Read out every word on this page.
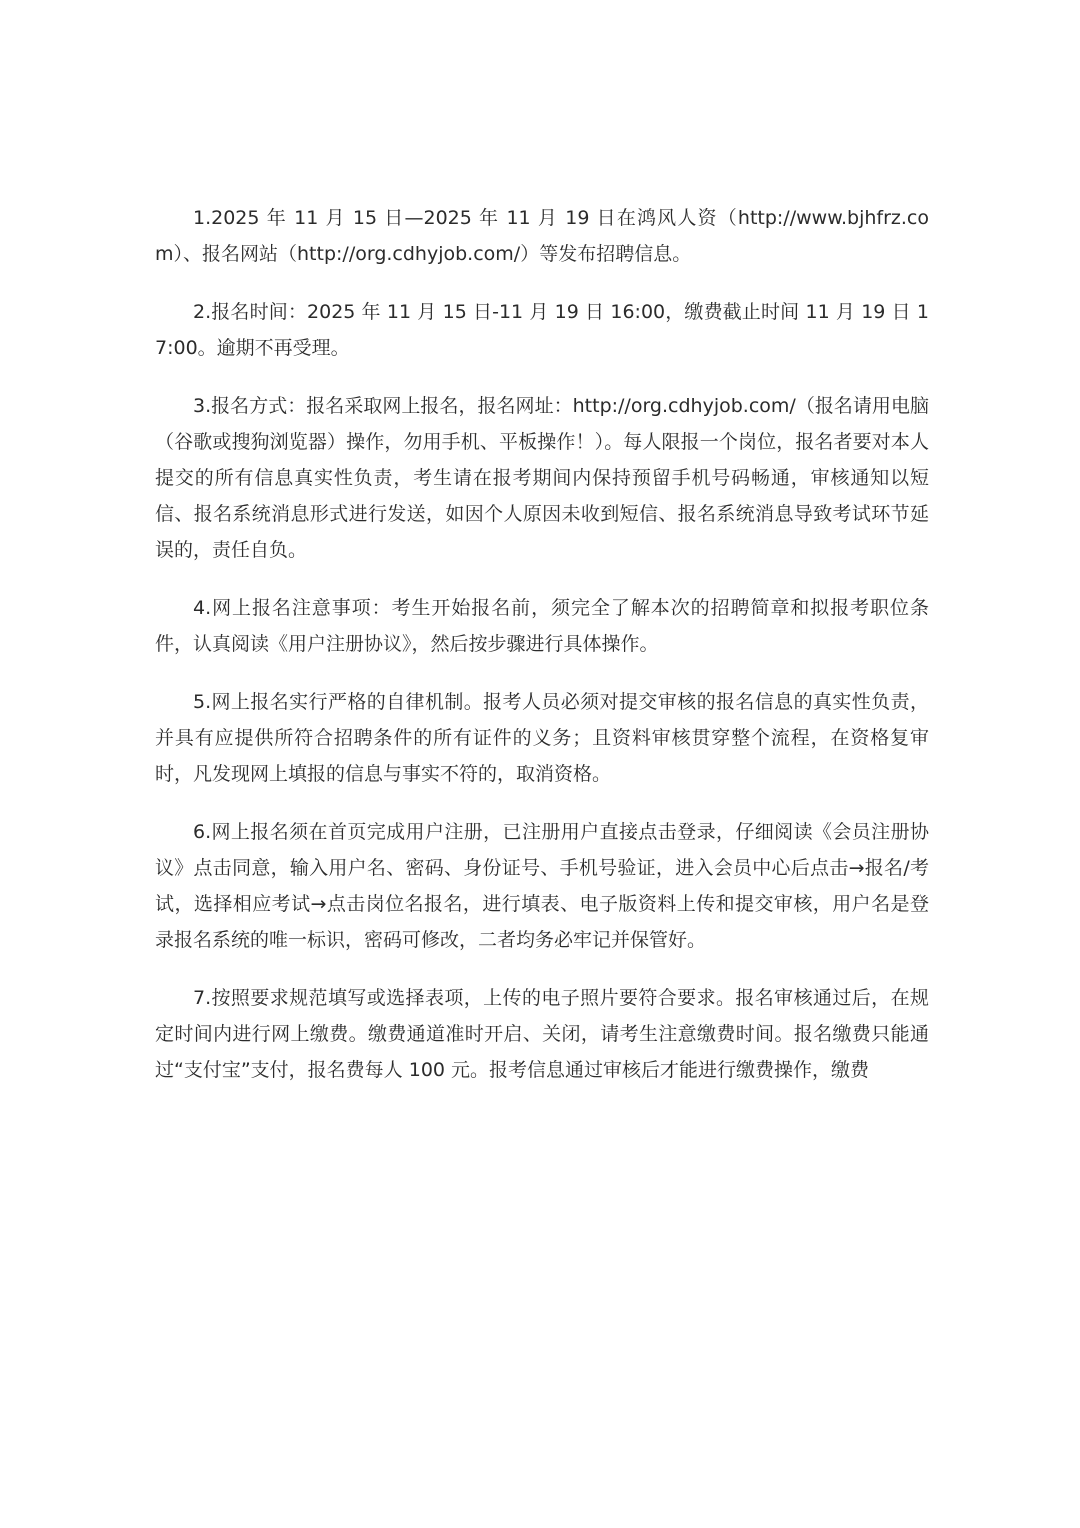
1.2025 年 11 月 15 日—2025 年 11 月 19 日在鸿风人资（http://www.bjhfrz.com）、报名网站（http://org.cdhyjob.com/）等发布招聘信息。

2.报名时间：2025 年 11 月 15 日-11 月 19 日 16:00，缴费截止时间 11 月 19 日 17:00。逾期不再受理。

3.报名方式：报名采取网上报名，报名网址：http://org.cdhyjob.com/（报名请用电脑（谷歌或搜狗浏览器）操作，勿用手机、平板操作！）。每人限报一个岗位，报名者要对本人提交的所有信息真实性负责，考生请在报考期间内保持预留手机号码畅通，审核通知以短信、报名系统消息形式进行发送，如因个人原因未收到短信、报名系统消息导致考试环节延误的，责任自负。

4.网上报名注意事项：考生开始报名前，须完全了解本次的招聘简章和拟报考职位条件，认真阅读《用户注册协议》，然后按步骤进行具体操作。

5.网上报名实行严格的自律机制。报考人员必须对提交审核的报名信息的真实性负责，并具有应提供所符合招聘条件的所有证件的义务；且资料审核贯穿整个流程，在资格复审时，凡发现网上填报的信息与事实不符的，取消资格。

6.网上报名须在首页完成用户注册，已注册用户直接点击登录，仔细阅读《会员注册协议》点击同意，输入用户名、密码、身份证号、手机号验证，进入会员中心后点击→报名/考试，选择相应考试→点击岗位名报名，进行填表、电子版资料上传和提交审核，用户名是登录报名系统的唯一标识，密码可修改，二者均务必牢记并保管好。

7.按照要求规范填写或选择表项，上传的电子照片要符合要求。报名审核通过后，在规定时间内进行网上缴费。缴费通道准时开启、关闭，请考生注意缴费时间。报名缴费只能通过“支付宝”支付，报名费每人 100 元。报考信息通过审核后才能进行缴费操作，缴费
